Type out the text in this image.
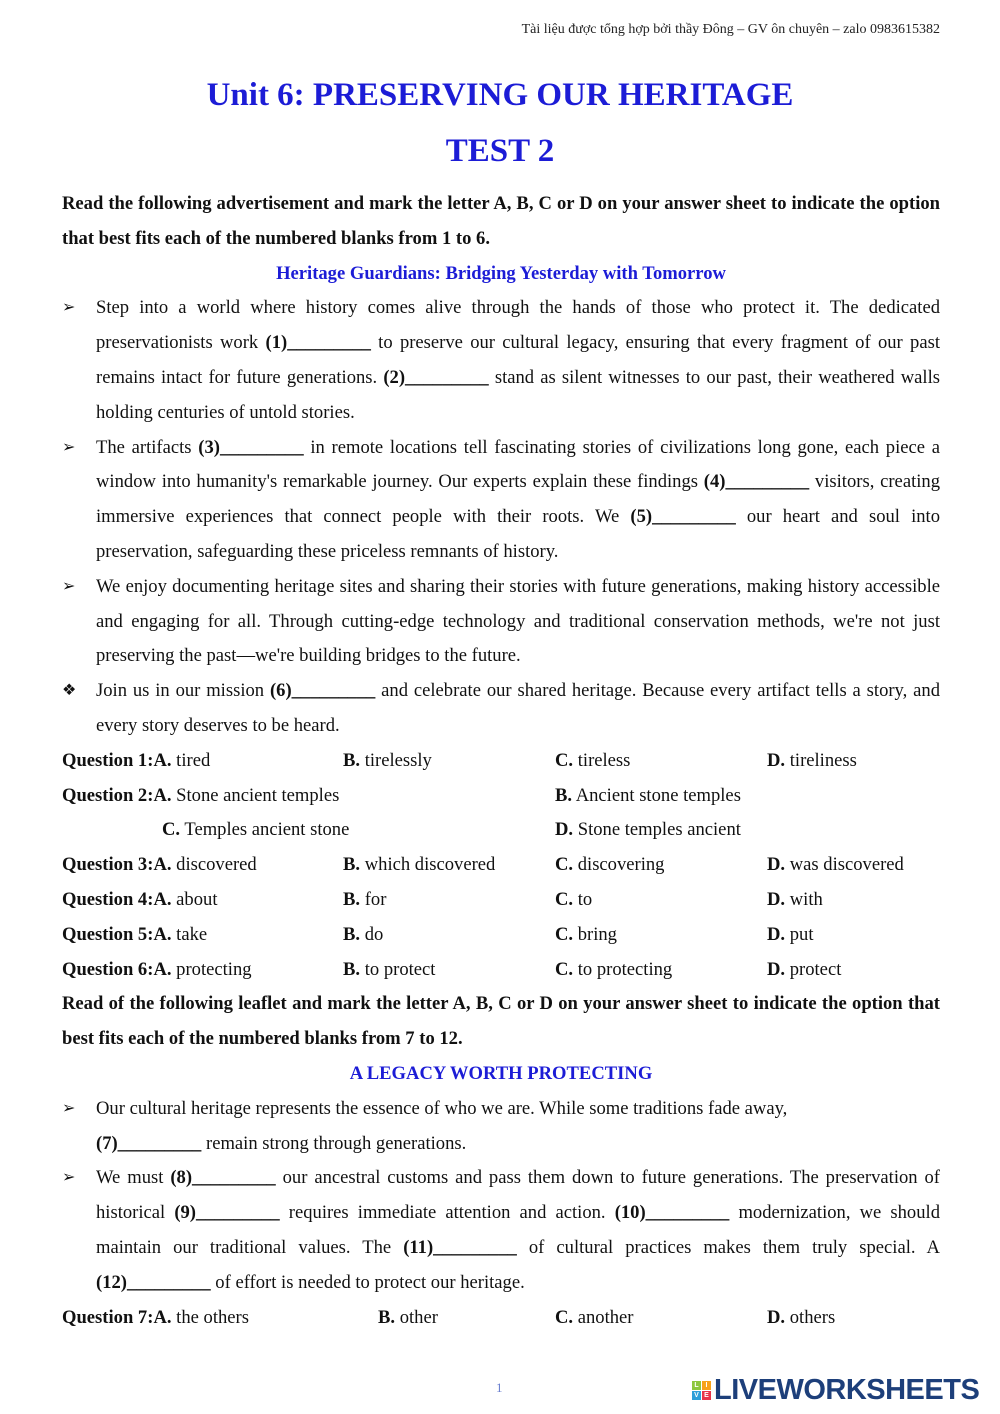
Tài liệu được tổng hợp bởi thầy Đông – GV ôn chuyên – zalo 0983615382
Unit 6: PRESERVING OUR HERITAGE
TEST 2
Read the following advertisement and mark the letter A, B, C or D on your answer sheet to indicate the option that best fits each of the numbered blanks from 1 to 6.
Heritage Guardians: Bridging Yesterday with Tomorrow
➢ Step into a world where history comes alive through the hands of those who protect it. The dedicated preservationists work (1)_________ to preserve our cultural legacy, ensuring that every fragment of our past remains intact for future generations. (2)_________ stand as silent witnesses to our past, their weathered walls holding centuries of untold stories.
➢ The artifacts (3)_________ in remote locations tell fascinating stories of civilizations long gone, each piece a window into humanity's remarkable journey. Our experts explain these findings (4)_________ visitors, creating immersive experiences that connect people with their roots. We (5)_________ our heart and soul into preservation, safeguarding these priceless remnants of history.
➢ We enjoy documenting heritage sites and sharing their stories with future generations, making history accessible and engaging for all. Through cutting-edge technology and traditional conservation methods, we're not just preserving the past—we're building bridges to the future.
❖ Join us in our mission (6)_________ and celebrate our shared heritage. Because every artifact tells a story, and every story deserves to be heard.
Question 1:A. tired	B. tirelessly	C. tireless	D. tireliness
Question 2:A. Stone ancient temples	B. Ancient stone temples
C. Temples ancient stone	D. Stone temples ancient
Question 3:A. discovered	B. which discovered	C. discovering	D. was discovered
Question 4:A. about	B. for	C. to	D. with
Question 5:A. take	B. do	C. bring	D. put
Question 6:A. protecting	B. to protect	C. to protecting	D. protect
Read of the following leaflet and mark the letter A, B, C or D on your answer sheet to indicate the option that best fits each of the numbered blanks from 7 to 12.
A LEGACY WORTH PROTECTING
➢ Our cultural heritage represents the essence of who we are. While some traditions fade away,
(7)_________ remain strong through generations.
➢ We must (8)_________ our ancestral customs and pass them down to future generations. The preservation of historical (9)_________ requires immediate attention and action. (10)_________ modernization, we should maintain our traditional values. The (11)_________ of cultural practices makes them truly special. A (12)_________ of effort is needed to protect our heritage.
Question 7:A. the others	B. other	C. another	D. others
1	L I
V E LIVEWORKSHEETS
